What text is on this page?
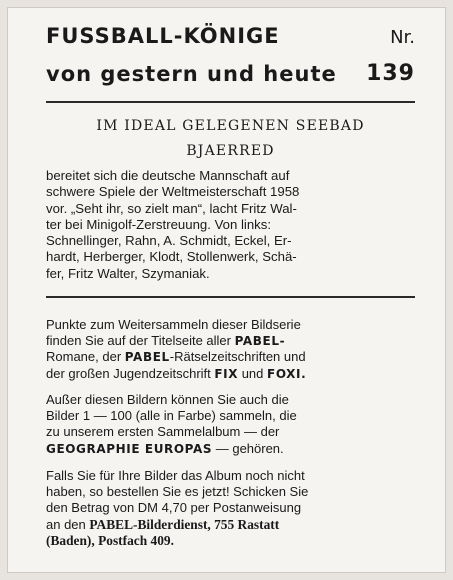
FUSSBALL-KÖNIGE	Nr.
von gestern und heute 139
IM IDEAL GELEGENEN SEEBAD
BJAERRED
bereitet sich die deutsche Mannschaft auf
schwere Spiele der Weltmeisterschaft 1958
vor. „Seht ihr, so zielt man“, lacht Fritz Wal-
ter bei Minigolf-Zerstreuung. Von links:
Schnellinger, Rahn, A. Schmidt, Eckel, Er-
hardt, Herberger, Klodt, Stollenwerk, Schä-
fer, Fritz Walter, Szymaniak.
Punkte zum Weitersammeln dieser Bildserie
finden Sie auf der Titelseite aller PABEL-
Romane, der PABEL-Rätselzeitschriften und
der großen Jugendzeitschrift FIX und FOXI.
Außer diesen Bildern können Sie auch die
Bilder 1 — 100 (alle in Farbe) sammeln, die
zu unserem ersten Sammelalbum — der
GEOGRAPHIE EUROPAS — gehören.
Falls Sie für Ihre Bilder das Album noch nicht
haben, so bestellen Sie es jetzt! Schicken Sie
den Betrag von DM 4,70 per Postanweisung
an den PABEL-Bilderdienst, 755 Rastatt
(Baden), Postfach 409.
